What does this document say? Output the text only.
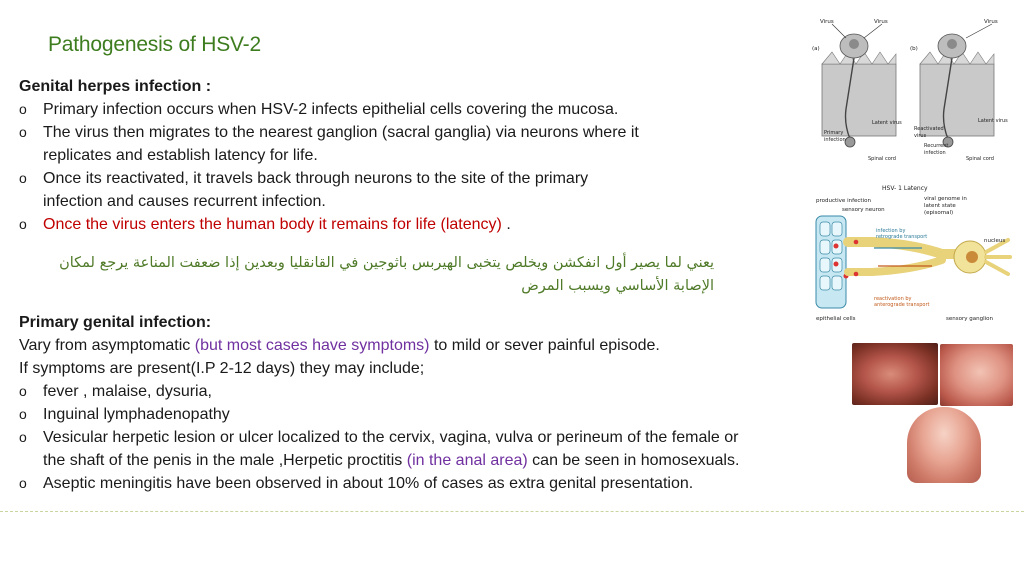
Pathogenesis of HSV-2
Genital herpes infection :
o Primary infection occurs when HSV-2 infects epithelial cells covering the mucosa.
o The virus then migrates to the nearest ganglion (sacral ganglia) via neurons where it
replicates and establish latency for life.
o Once its reactivated, it travels back through neurons to the site of the primary
infection and causes recurrent infection.
o Once the virus enters the human body it remains for life (latency) .
يعني لما يصير أول انفكشن ويخلص يتخبى الهيربس باثوجين في القانقليا وبعدين إذا ضعفت المناعة يرجع لمكان
الإصابة الأساسي ويسبب المرض
Primary genital infection:
Vary from asymptomatic (but most cases have symptoms) to mild or sever painful episode.
If symptoms are present(I.P 2-12 days) they may include;
o fever , malaise, dysuria,
o Inguinal lymphadenopathy
o Vesicular herpetic lesion or ulcer localized to the cervix, vagina, vulva or perineum of the female or
the shaft of the penis in the male ,Herpetic proctitis (in the anal area) can be seen in homosexuals.
o Aseptic meningitis have been observed in about 10% of cases as extra genital presentation.
Virus	Virus
(a)
Latent virus
Primary
infection
Spinal cord
Virus
(b)
Latent virus
Reactivated
virus
Recurrent
infection
Spinal cord
HSV- 1 Latency
productive infection
sensory neuron
viral genome in
latent state
(episomal)
nucleus
infection by
retrograde transport
reactivation by
anterograde transport
epithelial cells	sensory ganglion
